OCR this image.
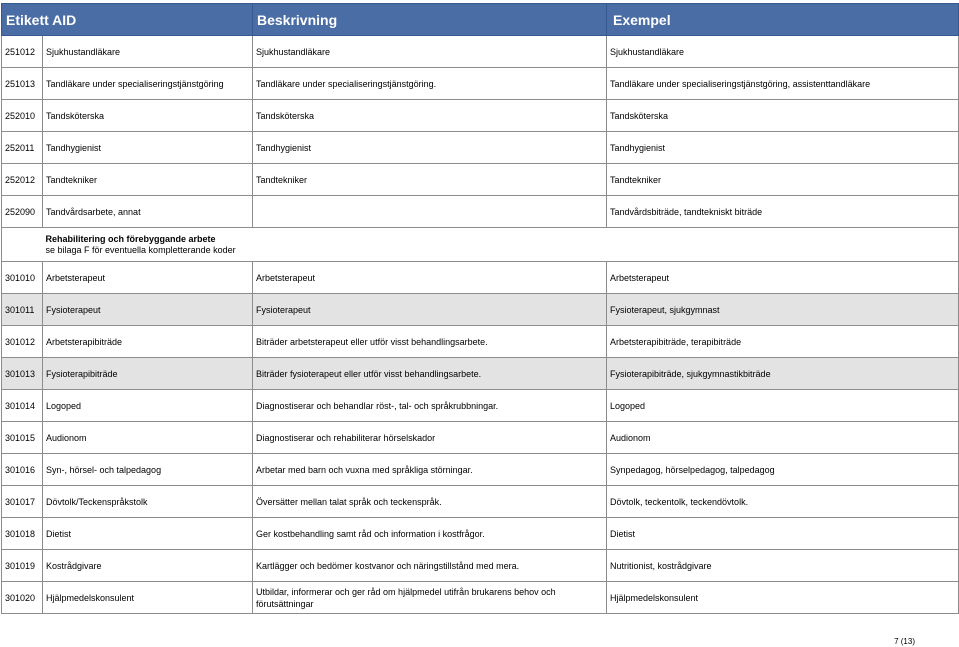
Etikett AID		Beskrivning	Exempel
251012	Sjukhustandläkare	Sjukhustandläkare	Sjukhustandläkare
251013	Tandläkare under specialiseringstjänstgöring	Tandläkare under specialiseringstjänstgöring.	Tandläkare under specialiseringstjänstgöring, assistenttandläkare
252010	Tandsköterska	Tandsköterska	Tandsköterska
252011	Tandhygienist	Tandhygienist	Tandhygienist
252012	Tandtekniker	Tandtekniker	Tandtekniker
252090	Tandvårdsarbete, annat		Tandvårdsbiträde, tandtekniskt biträde

	Rehabilitering och förebyggande arbete
se bilaga F för eventuella kompletterande koder		

301010	Arbetsterapeut	Arbetsterapeut	Arbetsterapeut
301011	Fysioterapeut	Fysioterapeut	Fysioterapeut, sjukgymnast
301012	Arbetsterapibiträde	Biträder arbetsterapeut eller utför visst behandlingsarbete.	Arbetsterapibiträde, terapibiträde
301013	Fysioterapibiträde	Biträder fysioterapeut eller utför visst behandlingsarbete.	Fysioterapibiträde, sjukgymnastikbiträde
301014	Logoped	Diagnostiserar och behandlar röst-, tal- och språkrubbningar.	Logoped
301015	Audionom	Diagnostiserar och rehabiliterar hörselskador	Audionom
301016	Syn-, hörsel- och talpedagog	Arbetar med barn och vuxna med språkliga störningar.	Synpedagog, hörselpedagog, talpedagog
301017	Dövtolk/Teckenspråkstolk	Översätter mellan talat språk och teckenspråk.	Dövtolk, teckentolk, teckendövtolk.
301018	Dietist	Ger kostbehandling samt råd och information i kostfrågor.	Dietist
301019	Kostrådgivare	Kartlägger och bedömer kostvanor och näringstillstånd med mera.	Nutritionist, kostrådgivare
301020	Hjälpmedelskonsulent	Utbildar, informerar och ger råd om hjälpmedel utifrån brukarens behov och förutsättningar	Hjälpmedelskonsulent
7 (13)
